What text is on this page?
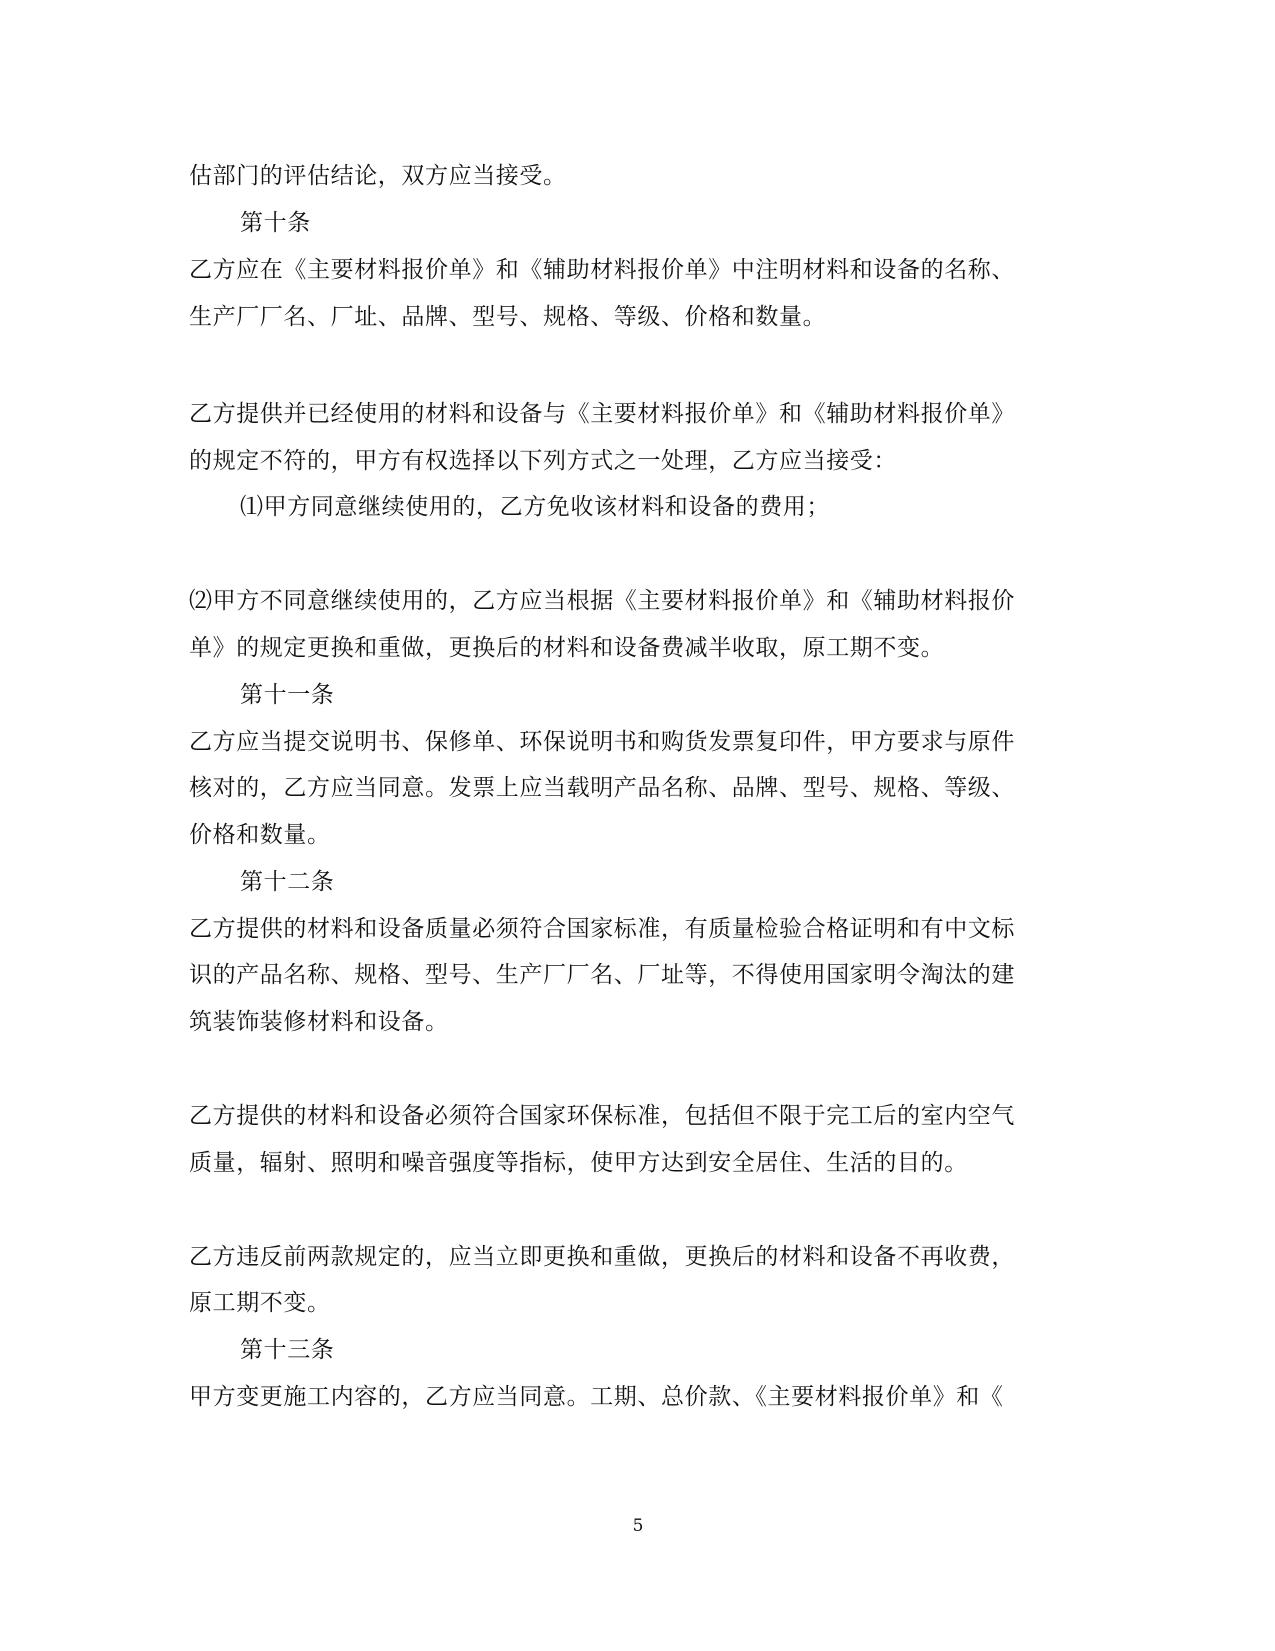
估部门的评估结论，双方应当接受。
第十条
乙方应在《主要材料报价单》和《辅助材料报价单》中注明材料和设备的名称、
生产厂厂名、厂址、品牌、型号、规格、等级、价格和数量。
乙方提供并已经使用的材料和设备与《主要材料报价单》和《辅助材料报价单》
的规定不符的，甲方有权选择以下列方式之一处理，乙方应当接受：
⑴甲方同意继续使用的，乙方免收该材料和设备的费用；
⑵甲方不同意继续使用的，乙方应当根据《主要材料报价单》和《辅助材料报价
单》的规定更换和重做，更换后的材料和设备费减半收取，原工期不变。
第十一条
乙方应当提交说明书、保修单、环保说明书和购货发票复印件，甲方要求与原件
核对的，乙方应当同意。发票上应当载明产品名称、品牌、型号、规格、等级、
价格和数量。
第十二条
乙方提供的材料和设备质量必须符合国家标准，有质量检验合格证明和有中文标
识的产品名称、规格、型号、生产厂厂名、厂址等，不得使用国家明令淘汰的建
筑装饰装修材料和设备。
乙方提供的材料和设备必须符合国家环保标准，包括但不限于完工后的室内空气
质量，辐射、照明和噪音强度等指标，使甲方达到安全居住、生活的目的。
乙方违反前两款规定的，应当立即更换和重做，更换后的材料和设备不再收费，
原工期不变。
第十三条
甲方变更施工内容的，乙方应当同意。工期、总价款、《主要材料报价单》和《
5
